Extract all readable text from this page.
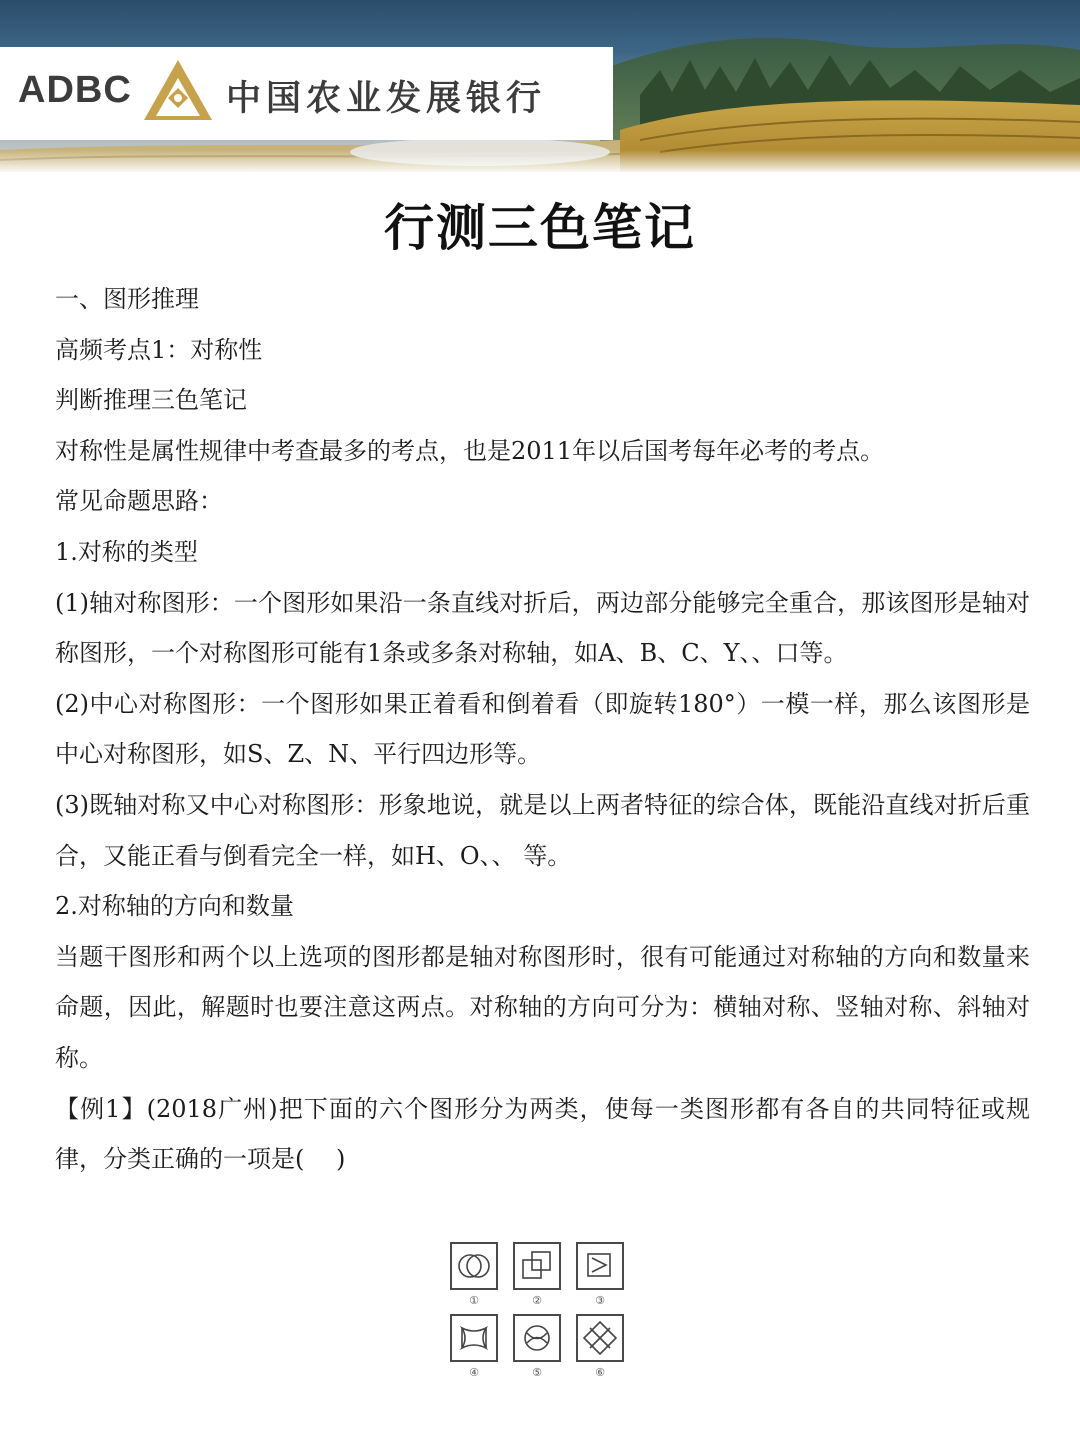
ADBC	中国农业发展银行
行测三色笔记

一、图形推理

高频考点1：对称性

判断推理三色笔记

对称性是属性规律中考查最多的考点，也是2011年以后国考每年必考的考点。

常见命题思路：

1.对称的类型

(1)轴对称图形：一个图形如果沿一条直线对折后，两边部分能够完全重合，那该图形是轴对称图形，一个对称图形可能有1条或多条对称轴，如A、B、C、Y、、口等。

(2)中心对称图形：一个图形如果正着看和倒着看（即旋转180°）一模一样，那么该图形是中心对称图形，如S、Z、N、平行四边形等。

(3)既轴对称又中心对称图形：形象地说，就是以上两者特征的综合体，既能沿直线对折后重合，又能正看与倒看完全一样，如H、O、、 等。

2.对称轴的方向和数量

当题干图形和两个以上选项的图形都是轴对称图形时，很有可能通过对称轴的方向和数量来命题，因此，解题时也要注意这两点。对称轴的方向可分为：横轴对称、竖轴对称、斜轴对称。

【例1】(2018广州)把下面的六个图形分为两类，使每一类图形都有各自的共同特征或规律，分类正确的一项是(　 )

①	②	③
④	⑤	⑥
